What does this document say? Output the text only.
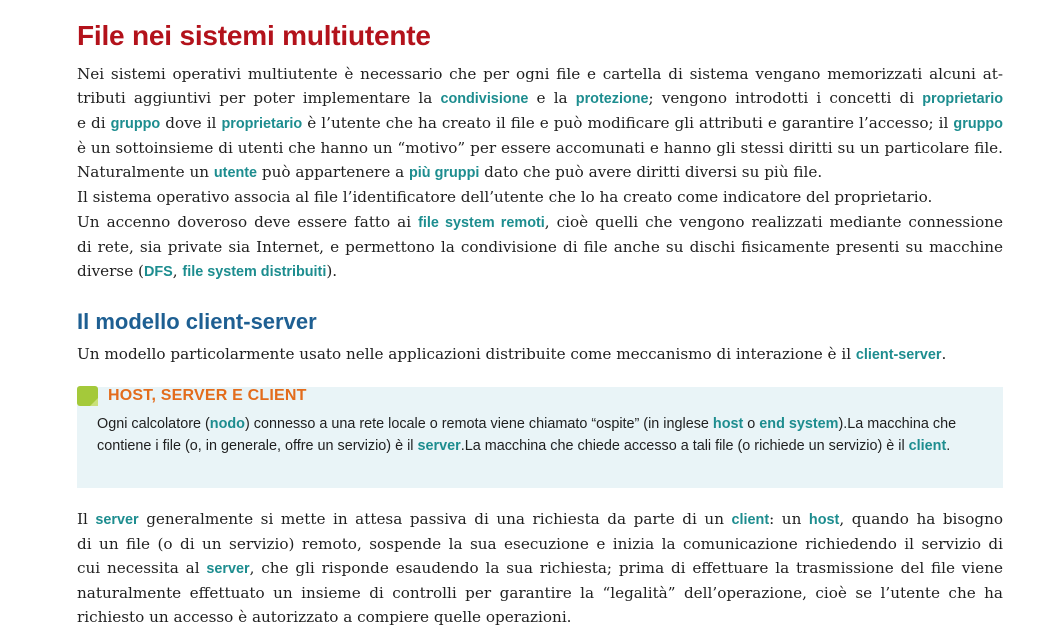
File nei sistemi multiutente
Nei sistemi operativi multiutente è necessario che per ogni file e cartella di sistema vengano memorizzati alcuni at-
tributi aggiuntivi per poter implementare la condivisione e la protezione; vengono introdotti i concetti di proprietario
e di gruppo dove il proprietario è l’utente che ha creato il file e può modificare gli attributi e garantire l’accesso; il gruppo
è un sottoinsieme di utenti che hanno un “motivo” per essere accomunati e hanno gli stessi diritti su un particolare file.
Naturalmente un utente può appartenere a più gruppi dato che può avere diritti diversi su più file.
Il sistema operativo associa al file l’identificatore dell’utente che lo ha creato come indicatore del proprietario.
Un accenno doveroso deve essere fatto ai file system remoti, cioè quelli che vengono realizzati mediante connessione
di rete, sia private sia Internet, e permettono la condivisione di file anche su dischi fisicamente presenti su macchine
diverse (DFS, file system distribuiti).
Il modello client-server
Un modello particolarmente usato nelle applicazioni distribuite come meccanismo di interazione è il client-server.
HOST, SERVER E CLIENT
Ogni calcolatore (nodo) connesso a una rete locale o remota viene chiamato “ospite” (in inglese host o end system).La macchina che contiene i file (o, in generale, offre un servizio) è il server.La macchina che chiede accesso a tali file (o richiede un servizio) è il client.
Il server generalmente si mette in attesa passiva di una richiesta da parte di un client: un host, quando ha bisogno
di un file (o di un servizio) remoto, sospende la sua esecuzione e inizia la comunicazione richiedendo il servizio di
cui necessita al server, che gli risponde esaudendo la sua richiesta; prima di effettuare la trasmissione del file viene
naturalmente effettuato un insieme di controlli per garantire la “legalità” dell’operazione, cioè se l’utente che ha
richiesto un accesso è autorizzato a compiere quelle operazioni.
